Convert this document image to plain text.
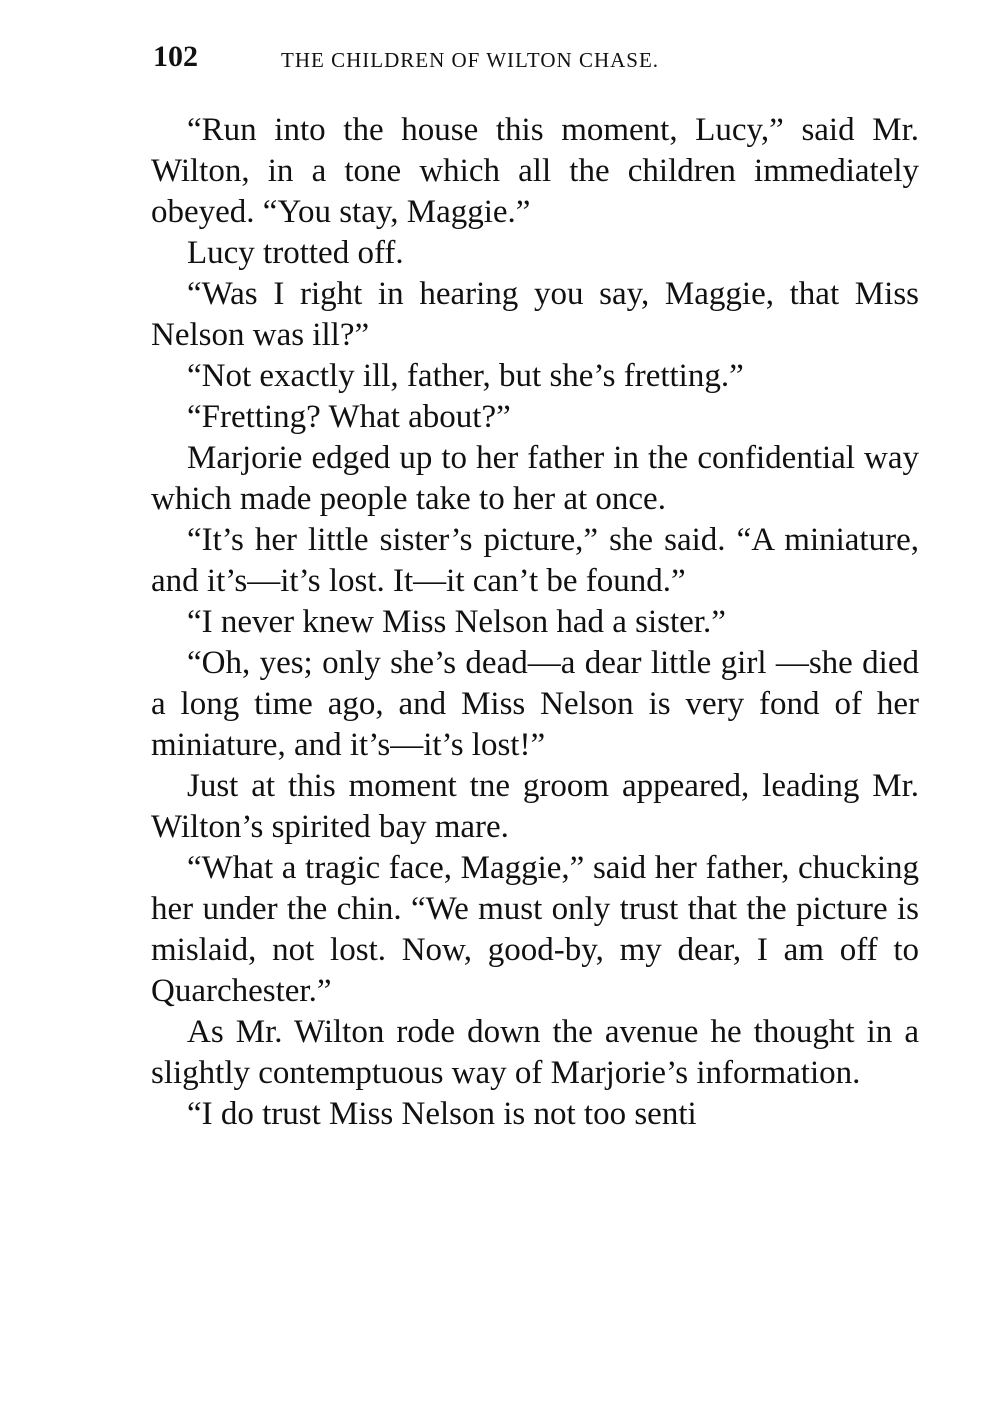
102	THE CHILDREN OF WILTON CHASE.

“Run into the house this moment, Lucy,” said Mr. Wilton, in a tone which all the children immediately obeyed. “You stay, Maggie.”

Lucy trotted off.

“Was I right in hearing you say, Maggie, that Miss Nelson was ill?”

“Not exactly ill, father, but she’s fretting.”

“Fretting? What about?”

Marjorie edged up to her father in the confidential way which made people take to her at once.

“It’s her little sister’s picture,” she said. “A miniature, and it’s—it’s lost. It—it can’t be found.”

“I never knew Miss Nelson had a sister.”

“Oh, yes; only she’s dead—a dear little girl —she died a long time ago, and Miss Nelson is very fond of her miniature, and it’s—it’s lost!”

Just at this moment tne groom appeared, leading Mr. Wilton’s spirited bay mare.

“What a tragic face, Maggie,” said her father, chucking her under the chin. “We must only trust that the picture is mislaid, not lost. Now, good-by, my dear, I am off to Quarchester.”

As Mr. Wilton rode down the avenue he thought in a slightly contemptuous way of Marjorie’s information.

“I do trust Miss Nelson is not too senti
